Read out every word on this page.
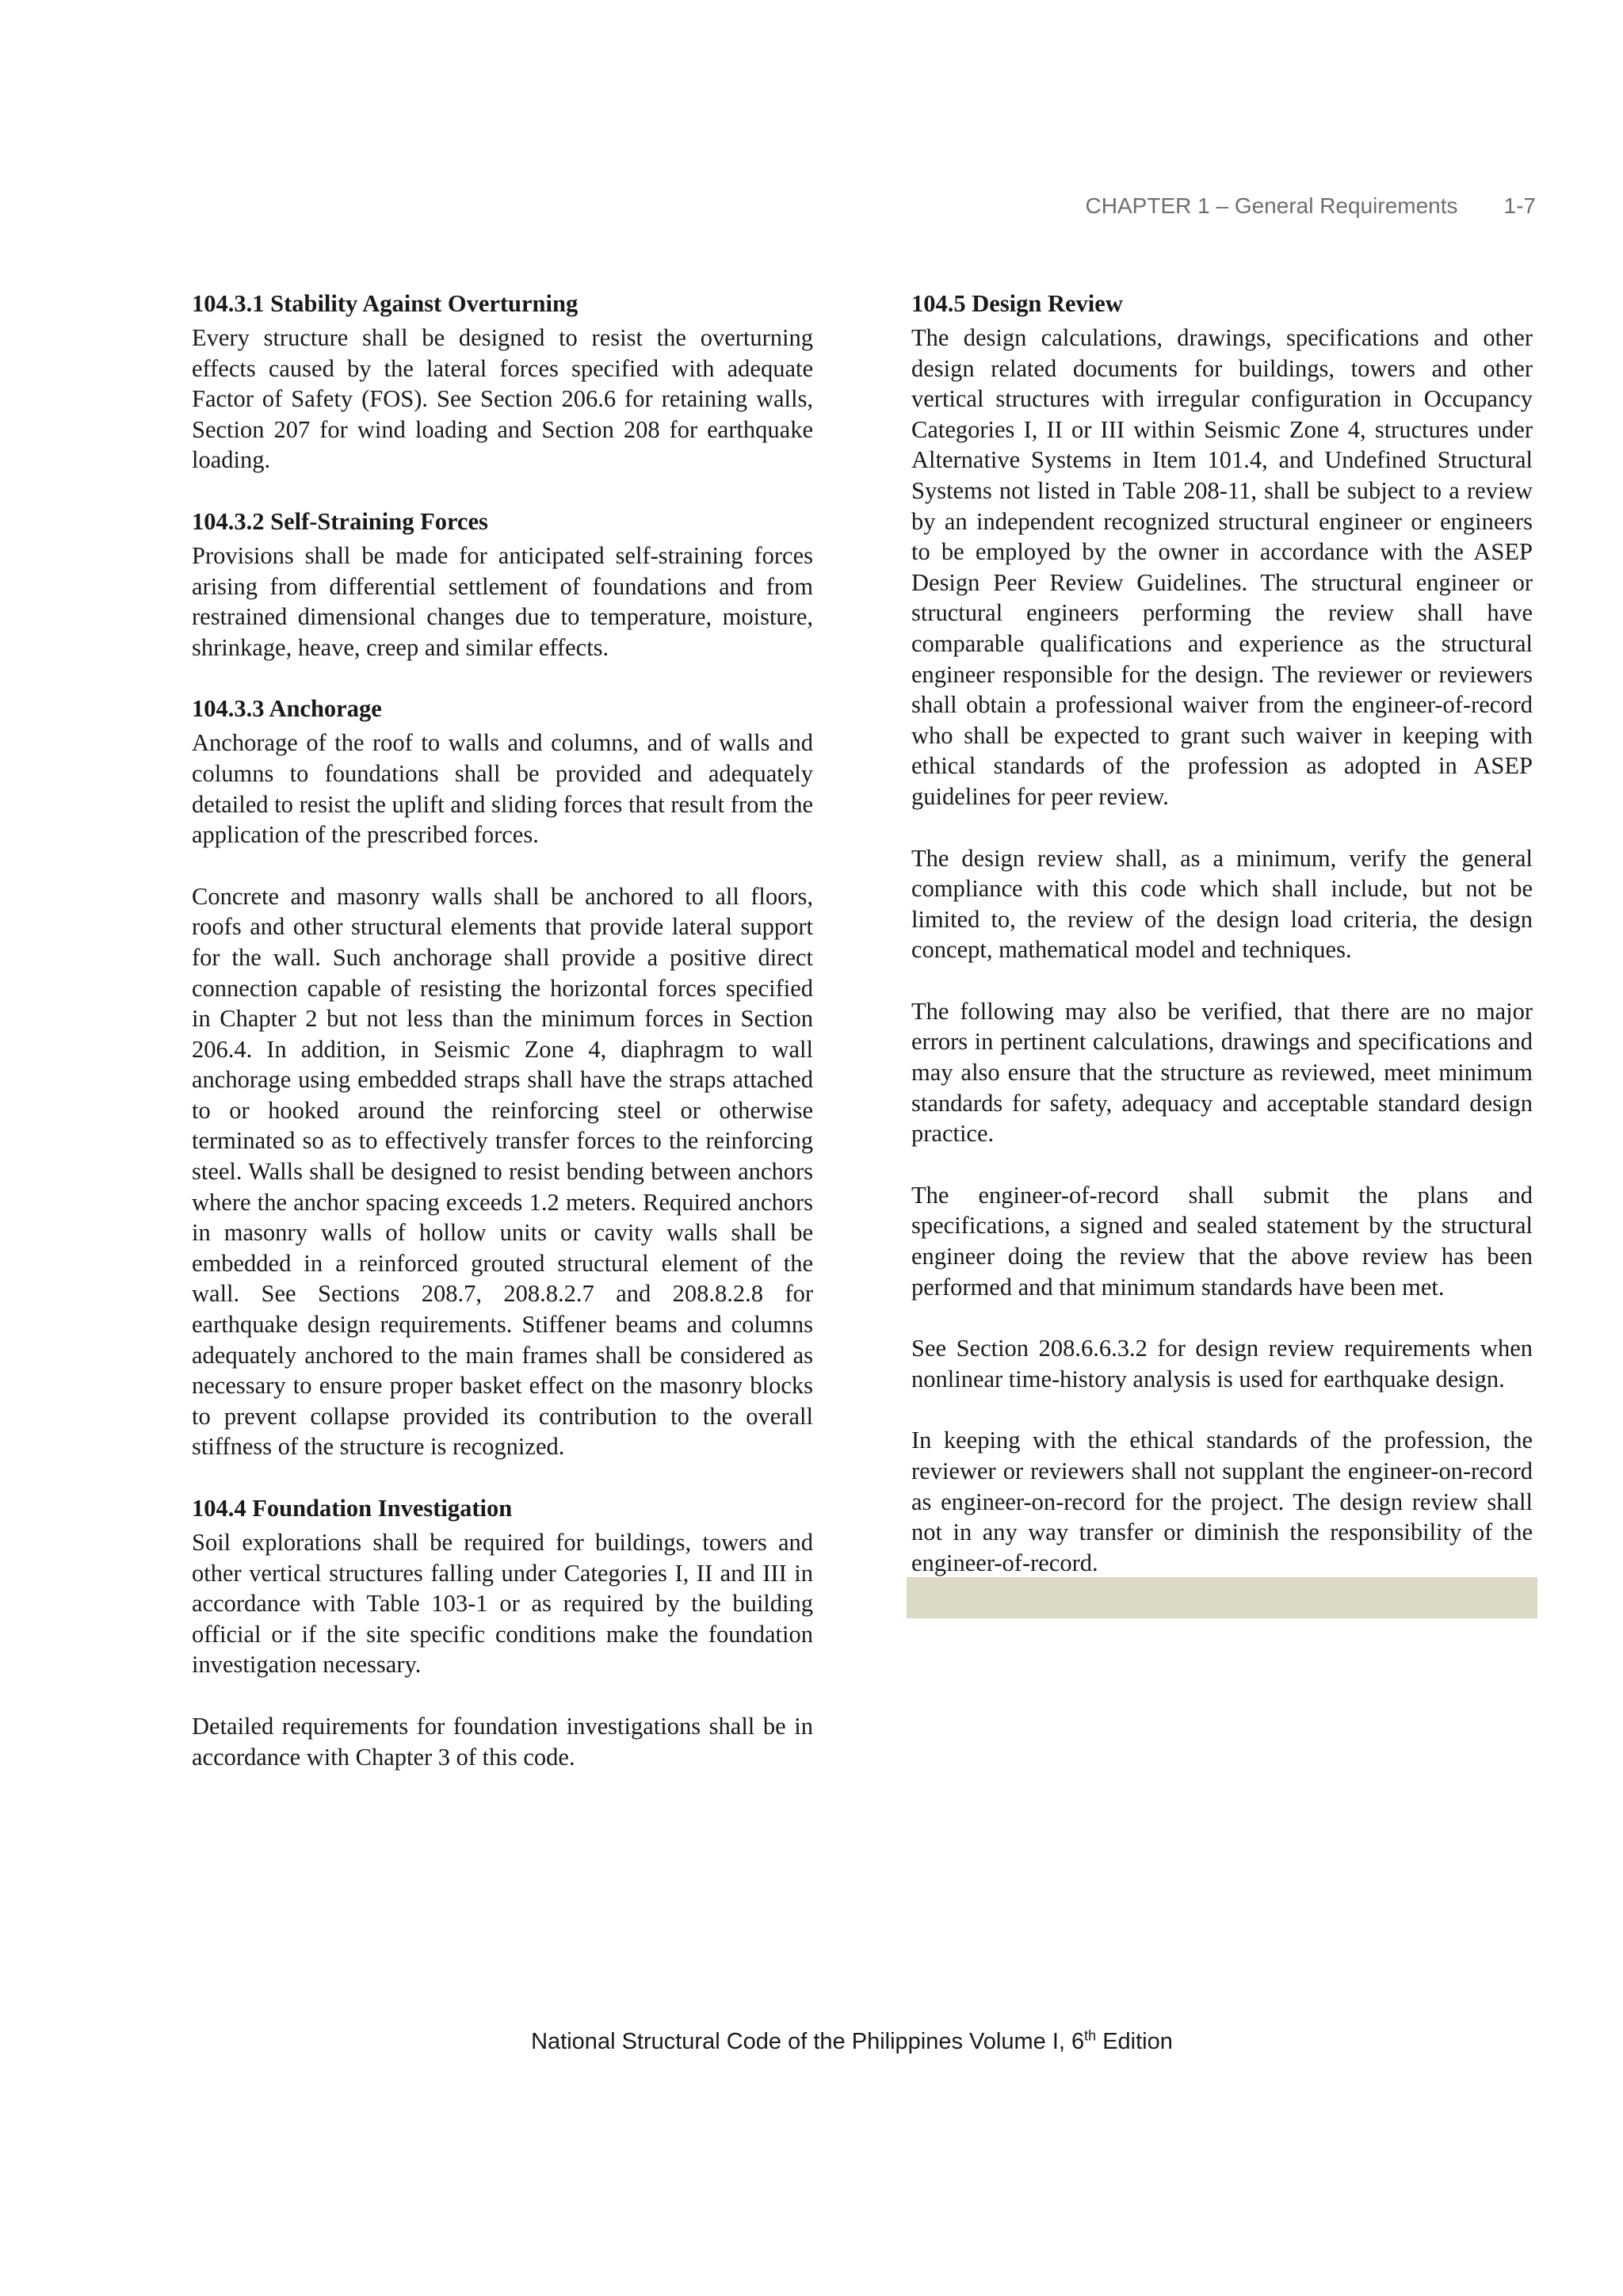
CHAPTER 1 – General Requirements 1-7
104.3.1 Stability Against Overturning

Every structure shall be designed to resist the overturning effects caused by the lateral forces specified with adequate Factor of Safety (FOS). See Section 206.6 for retaining walls, Section 207 for wind loading and Section 208 for earthquake loading.

104.3.2 Self-Straining Forces

Provisions shall be made for anticipated self-straining forces arising from differential settlement of foundations and from restrained dimensional changes due to temperature, moisture, shrinkage, heave, creep and similar effects.

104.3.3 Anchorage

Anchorage of the roof to walls and columns, and of walls and columns to foundations shall be provided and adequately detailed to resist the uplift and sliding forces that result from the application of the prescribed forces.

Concrete and masonry walls shall be anchored to all floors, roofs and other structural elements that provide lateral support for the wall. Such anchorage shall provide a positive direct connection capable of resisting the horizontal forces specified in Chapter 2 but not less than the minimum forces in Section 206.4. In addition, in Seismic Zone 4, diaphragm to wall anchorage using embedded straps shall have the straps attached to or hooked around the reinforcing steel or otherwise terminated so as to effectively transfer forces to the reinforcing steel. Walls shall be designed to resist bending between anchors where the anchor spacing exceeds 1.2 meters. Required anchors in masonry walls of hollow units or cavity walls shall be embedded in a reinforced grouted structural element of the wall. See Sections 208.7, 208.8.2.7 and 208.8.2.8 for earthquake design requirements. Stiffener beams and columns adequately anchored to the main frames shall be considered as necessary to ensure proper basket effect on the masonry blocks to prevent collapse provided its contribution to the overall stiffness of the structure is recognized.

104.4 Foundation Investigation

Soil explorations shall be required for buildings, towers and other vertical structures falling under Categories I, II and III in accordance with Table 103-1 or as required by the building official or if the site specific conditions make the foundation investigation necessary.

Detailed requirements for foundation investigations shall be in accordance with Chapter 3 of this code.

104.5 Design Review

The design calculations, drawings, specifications and other design related documents for buildings, towers and other vertical structures with irregular configuration in Occupancy Categories I, II or III within Seismic Zone 4, structures under Alternative Systems in Item 101.4, and Undefined Structural Systems not listed in Table 208-11, shall be subject to a review by an independent recognized structural engineer or engineers to be employed by the owner in accordance with the ASEP Design Peer Review Guidelines. The structural engineer or structural engineers performing the review shall have comparable qualifications and experience as the structural engineer responsible for the design. The reviewer or reviewers shall obtain a professional waiver from the engineer-of-record who shall be expected to grant such waiver in keeping with ethical standards of the profession as adopted in ASEP guidelines for peer review.

The design review shall, as a minimum, verify the general compliance with this code which shall include, but not be limited to, the review of the design load criteria, the design concept, mathematical model and techniques.

The following may also be verified, that there are no major errors in pertinent calculations, drawings and specifications and may also ensure that the structure as reviewed, meet minimum standards for safety, adequacy and acceptable standard design practice.

The engineer-of-record shall submit the plans and specifications, a signed and sealed statement by the structural engineer doing the review that the above review has been performed and that minimum standards have been met.

See Section 208.6.6.3.2 for design review requirements when nonlinear time-history analysis is used for earthquake design.

In keeping with the ethical standards of the profession, the reviewer or reviewers shall not supplant the engineer-on-record as engineer-on-record for the project. The design review shall not in any way transfer or diminish the responsibility of the engineer-of-record.

National Structural Code of the Philippines Volume I, 6th Edition
